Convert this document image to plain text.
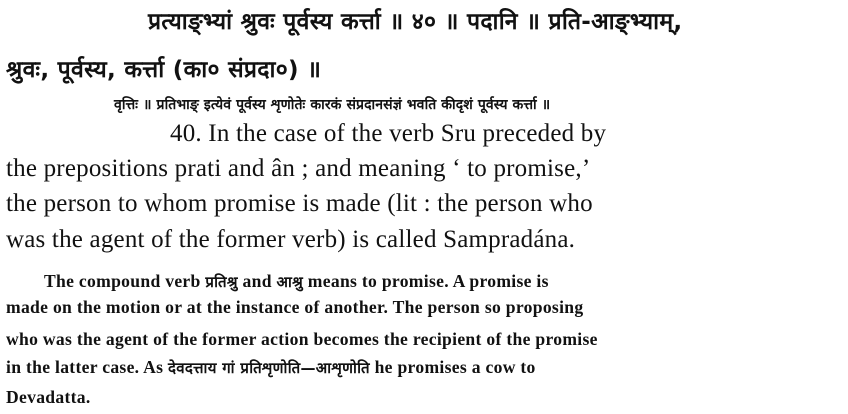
प्रत्याङ्भ्यां श्रुवः पूर्वस्य कर्त्ता ॥ ४० ॥ पदानि ॥ प्रति-आङ्भ्याम्,

श्रुवः, पूर्वस्य, कर्त्ता (का० संप्रदा०) ॥

वृत्तिः ॥ प्रतिभाङ् इत्येवं पूर्वस्य शृणोतेः कारकं संप्रदानसंज्ञं भवति कीदृशं पूर्वस्य कर्त्ता ॥

40. In the case of the verb Sru preceded by

the prepositions prati and ân ; and meaning ‘ to promise,’

the person to whom promise is made (lit : the person who

was the agent of the former verb) is called Sampradána.

The compound verb प्रतिश्रु and आश्रु means to promise. A promise is

made on the motion or at the instance of another. The person so proposing

who was the agent of the former action becomes the recipient of the promise

in the latter case. As देवदत्ताय गां प्रतिशृणोति—आशृणोति he promises a cow to

Devadatta.
